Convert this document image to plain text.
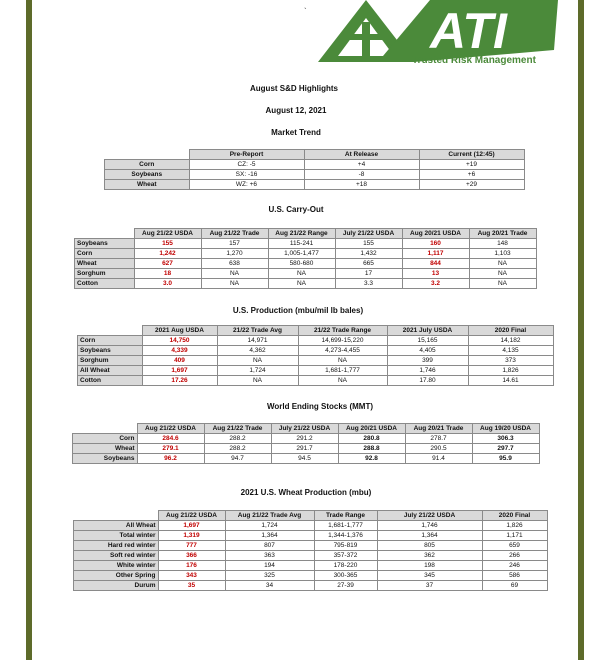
` ATI
Trusted Risk Management
August S&D Highlights
August 12, 2021
Market Trend
	Pre-Report	At Release	Current (12:45)
Corn	CZ: -5	+4	+19
Soybeans	SX: -16	-8	+6
Wheat	WZ: +6	+18	+29
U.S. Carry-Out
	Aug 21/22 USDA	Aug 21/22 Trade	Aug 21/22 Range	July 21/22 USDA	Aug 20/21 USDA	Aug 20/21 Trade
Soybeans	155	157	115-241	155	160	148
Corn	1,242	1,270	1,005-1,477	1,432	1,117	1,103
Wheat	627	638	580-680	665	844	NA
Sorghum	18	NA	NA	17	13	NA
Cotton	3.0	NA	NA	3.3	3.2	NA
U.S. Production (mbu/mil lb bales)
	2021 Aug USDA	21/22 Trade Avg	21/22 Trade Range	2021 July USDA	2020 Final
Corn	14,750	14,971	14,699-15,220	15,165	14,182
Soybeans	4,339	4,362	4,273-4,455	4,405	4,135
Sorghum	409	NA	NA	399	373
All Wheat	1,697	1,724	1,681-1,777	1,746	1,826
Cotton	17.26	NA	NA	17.80	14.61
World Ending Stocks (MMT)
	Aug 21/22 USDA	Aug 21/22 Trade	July 21/22 USDA	Aug 20/21 USDA	Aug 20/21 Trade	Aug 19/20 USDA
Corn	284.6	288.2	291.2	280.8	278.7	306.3
Wheat	279.1	288.2	291.7	288.8	290.5	297.7
Soybeans	96.2	94.7	94.5	92.8	91.4	95.9
2021 U.S. Wheat Production (mbu)
	Aug 21/22 USDA	Aug 21/22 Trade Avg	Trade Range	July 21/22 USDA	2020 Final
All Wheat	1,697	1,724	1,681-1,777	1,746	1,826
Total winter	1,319	1,364	1,344-1,376	1,364	1,171
Hard red winter	777	807	795-819	805	659
Soft red winter	366	363	357-372	362	266
White winter	176	194	178-220	198	246
Other Spring	343	325	300-365	345	586
Durum	35	34	27-39	37	69
